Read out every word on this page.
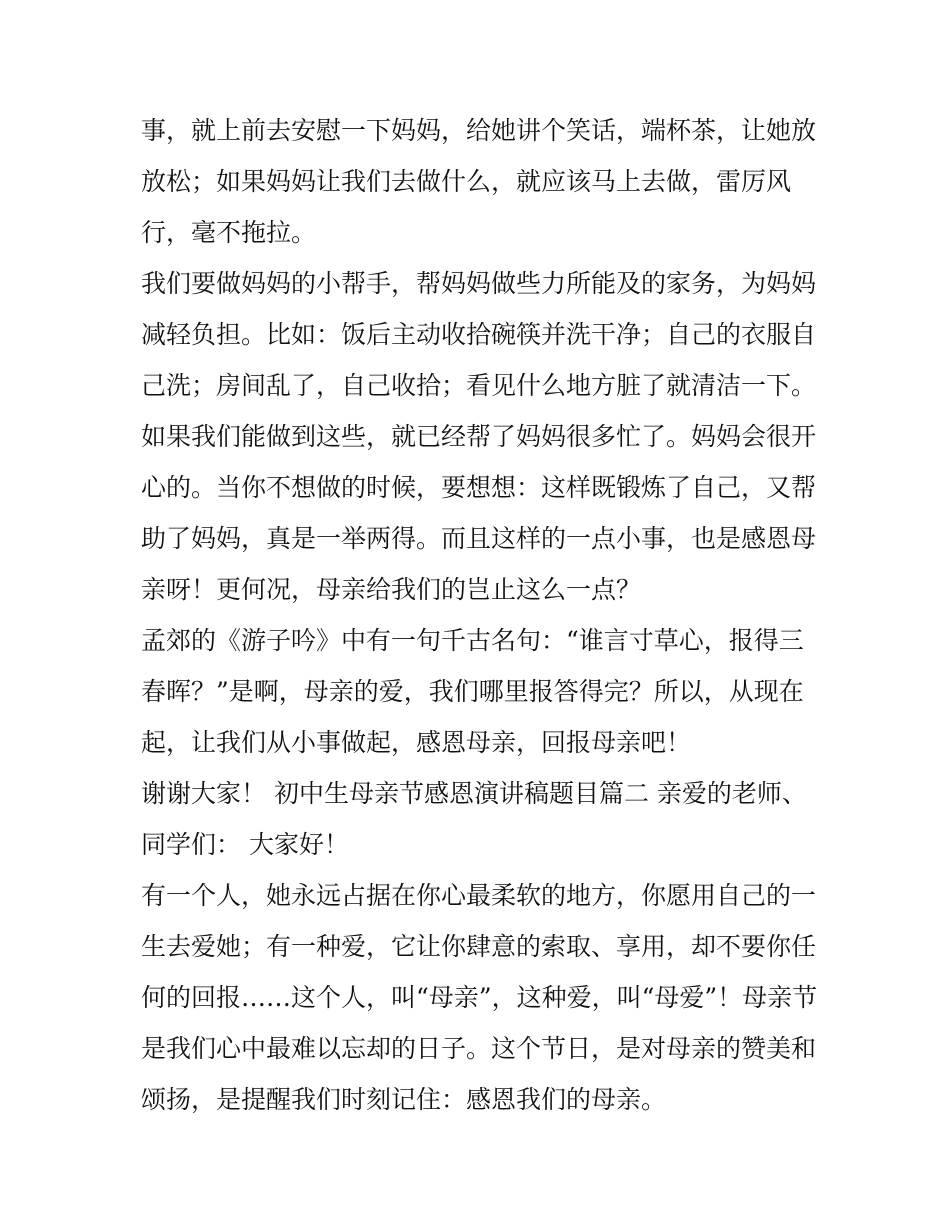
事，就上前去安慰一下妈妈，给她讲个笑话，端杯茶，让她放
放松；如果妈妈让我们去做什么，就应该马上去做，雷厉风
行，毫不拖拉。
我们要做妈妈的小帮手，帮妈妈做些力所能及的家务，为妈妈
减轻负担。比如：饭后主动收拾碗筷并洗干净；自己的衣服自
己洗；房间乱了，自己收拾；看见什么地方脏了就清洁一下。
如果我们能做到这些，就已经帮了妈妈很多忙了。妈妈会很开
心的。当你不想做的时候，要想想：这样既锻炼了自己，又帮
助了妈妈，真是一举两得。而且这样的一点小事，也是感恩母
亲呀！更何况，母亲给我们的岂止这么一点？
孟郊的《游子吟》中有一句千古名句：“谁言寸草心，报得三
春晖？”是啊，母亲的爱，我们哪里报答得完？所以，从现在
起，让我们从小事做起，感恩母亲，回报母亲吧！
谢谢大家！ 初中生母亲节感恩演讲稿题目篇二 亲爱的老师、
同学们： 大家好！
有一个人，她永远占据在你心最柔软的地方，你愿用自己的一
生去爱她；有一种爱，它让你肆意的索取、享用，却不要你任
何的回报……这个人，叫“母亲”，这种爱，叫“母爱”！母亲节
是我们心中最难以忘却的日子。这个节日，是对母亲的赞美和
颂扬，是提醒我们时刻记住：感恩我们的母亲。
